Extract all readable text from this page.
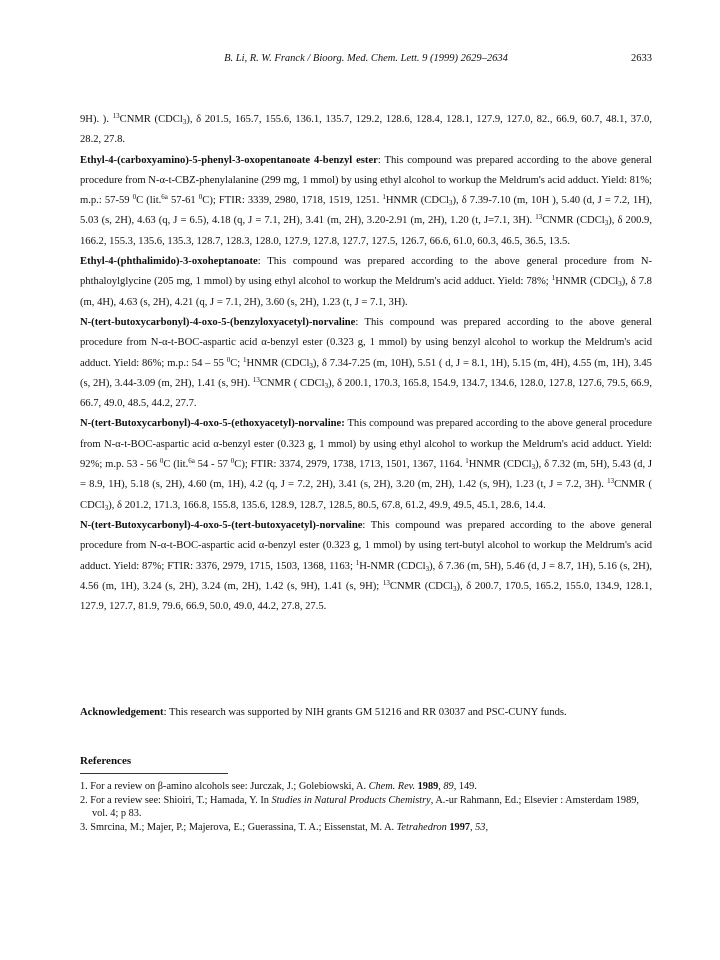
B. Li, R. W. Franck / Bioorg. Med. Chem. Lett. 9 (1999) 2629–2634	2633

9H). ). $^{13}$CNMR (CDCl$_3$), δ 201.5, 165.7, 155.6, 136.1, 135.7, 129.2, 128.6, 128.4, 128.1, 127.9, 127.0, 82., 66.9, 60.7, 48.1, 37.0, 28.2, 27.8.

Ethyl-4-(carboxyamino)-5-phenyl-3-oxopentanoate 4-benzyl ester: This compound was prepared according to the above general procedure from N-α-t-CBZ-phenylalanine (299 mg, 1 mmol) by using ethyl alcohol to workup the Meldrum's acid adduct. Yield: 81%; m.p.: 57-59 $^0$C (lit.$^{6a}$ 57-61 $^0$C); FTIR: 3339, 2980, 1718, 1519, 1251. $^1$HNMR (CDCl$_3$), δ 7.39-7.10 (m, 10H ), 5.40 (d, J = 7.2, 1H), 5.03 (s, 2H), 4.63 (q, J = 6.5), 4.18 (q, J = 7.1, 2H), 3.41 (m, 2H), 3.20-2.91 (m, 2H), 1.20 (t, J=7.1, 3H). $^{13}$CNMR (CDCl$_3$), δ 200.9, 166.2, 155.3, 135.6, 135.3, 128.7, 128.3, 128.0, 127.9, 127.8, 127.7, 127.5, 126.7, 66.6, 61.0, 60.3, 46.5, 36.5, 13.5.

Ethyl-4-(phthalimido)-3-oxoheptanoate: This compound was prepared according to the above general procedure from N-phthaloylglycine (205 mg, 1 mmol) by using ethyl alcohol to workup the Meldrum's acid adduct. Yield: 78%; $^1$HNMR (CDCl$_3$), δ 7.8 (m, 4H), 4.63 (s, 2H), 4.21 (q, J = 7.1, 2H), 3.60 (s, 2H), 1.23 (t, J = 7.1, 3H).

N-(tert-butoxycarbonyl)-4-oxo-5-(benzyloxyacetyl)-norvaline: This compound was prepared according to the above general procedure from N-α-t-BOC-aspartic acid α-benzyl ester (0.323 g, 1 mmol) by using benzyl alcohol to workup the Meldrum's acid adduct. Yield: 86%; m.p.: 54 – 55 $^0$C; $^1$HNMR (CDCl$_3$), δ 7.34-7.25 (m, 10H), 5.51 ( d, J = 8.1, 1H), 5.15 (m, 4H), 4.55 (m, 1H), 3.45 (s, 2H), 3.44-3.09 (m, 2H), 1.41 (s, 9H). $^{13}$CNMR ( CDCl$_3$), δ 200.1, 170.3, 165.8, 154.9, 134.7, 134.6, 128.0, 127.8, 127.6, 79.5, 66.9, 66.7, 49.0, 48.5, 44.2, 27.7.

N-(tert-Butoxycarbonyl)-4-oxo-5-(ethoxyacetyl)-norvaline: This compound was prepared according to the above general procedure from N-α-t-BOC-aspartic acid α-benzyl ester (0.323 g, 1 mmol) by using ethyl alcohol to workup the Meldrum's acid adduct. Yield: 92%; m.p. 53 - 56 $^0$C (lit.$^{6a}$ 54 - 57 $^0$C); FTIR: 3374, 2979, 1738, 1713, 1501, 1367, 1164. $^1$HNMR (CDCl$_3$), δ 7.32 (m, 5H), 5.43 (d, J = 8.9, 1H), 5.18 (s, 2H), 4.60 (m, 1H), 4.2 (q, J = 7.2, 2H), 3.41 (s, 2H), 3.20 (m, 2H), 1.42 (s, 9H), 1.23 (t, J = 7.2, 3H). $^{13}$CNMR ( CDCl$_3$), δ 201.2, 171.3, 166.8, 155.8, 135.6, 128.9, 128.7, 128.5, 80.5, 67.8, 61.2, 49.9, 49.5, 45.1, 28.6, 14.4.

N-(tert-Butoxycarbonyl)-4-oxo-5-(tert-butoxyacetyl)-norvaline: This compound was prepared according to the above general procedure from N-α-t-BOC-aspartic acid α-benzyl ester (0.323 g, 1 mmol) by using tert-butyl alcohol to workup the Meldrum's acid adduct. Yield: 87%; FTIR: 3376, 2979, 1715, 1503, 1368, 1163; $^1$H-NMR (CDCl$_3$), δ 7.36 (m, 5H), 5.46 (d, J = 8.7, 1H), 5.16 (s, 2H), 4.56 (m, 1H), 3.24 (s, 2H), 3.24 (m, 2H), 1.42 (s, 9H), 1.41 (s, 9H); $^{13}$CNMR (CDCl$_3$), δ 200.7, 170.5, 165.2, 155.0, 134.9, 128.1, 127.9, 127.7, 81.9, 79.6, 66.9, 50.0, 49.0, 44.2, 27.8, 27.5.

Acknowledgement: This research was supported by NIH grants GM 51216 and RR 03037 and PSC-CUNY funds.
References

1. For a review on β-amino alcohols see: Jurczak, J.; Golebiowski, A. Chem. Rev. 1989, 89, 149.

2. For a review see: Shioiri, T.; Hamada, Y. In Studies in Natural Products Chemistry, A.-ur Rahmann, Ed.; Elsevier : Amsterdam 1989, vol. 4; p 83.

3. Smrcina, M.; Majer, P.; Majerova, E.; Guerassina, T. A.; Eissenstat, M. A. Tetrahedron 1997, 53,
